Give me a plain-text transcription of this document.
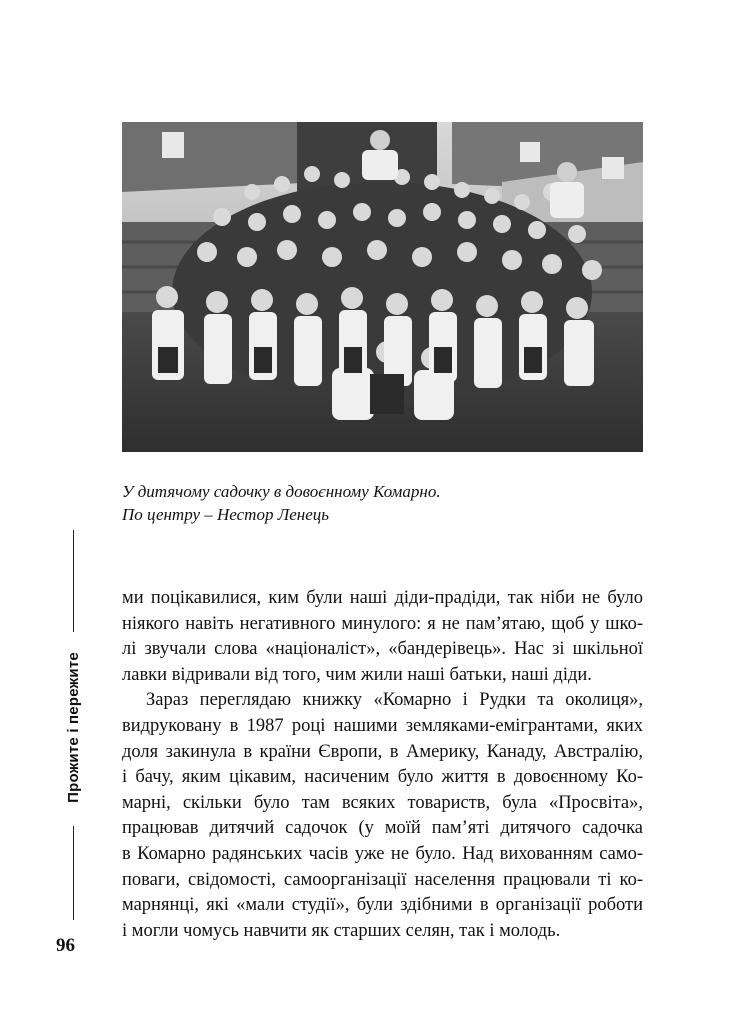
У дитячому садочку в довоєнному Комарно.
По центру – Нестор Ленець
Прожите і пережите
96
ми поцікавилися, ким були наші діди-прадіди, так ніби не було
ніякого навіть негативного минулого: я не пам’ятаю, щоб у шко-
лі звучали слова «націоналіст», «бандерівець». Нас зі шкільної
лавки відривали від того, чим жили наші батьки, наші діди.
Зараз переглядаю книжку «Комарно і Рудки та околиця»,
видруковану в 1987 році нашими земляками-емігрантами, яких
доля закинула в країни Європи, в Америку, Канаду, Австралію,
і бачу, яким цікавим, насиченим було життя в довоєнному Ко-
марні, скільки було там всяких товариств, була «Просвіта»,
працював дитячий садочок (у моїй пам’яті дитячого садочка
в Комарно радянських часів уже не було. Над вихованням само-
поваги, свідомості, самоорганізації населення працювали ті ко-
марнянці, які «мали студії», були здібними в організації роботи
і могли чомусь навчити як старших селян, так і молодь.
